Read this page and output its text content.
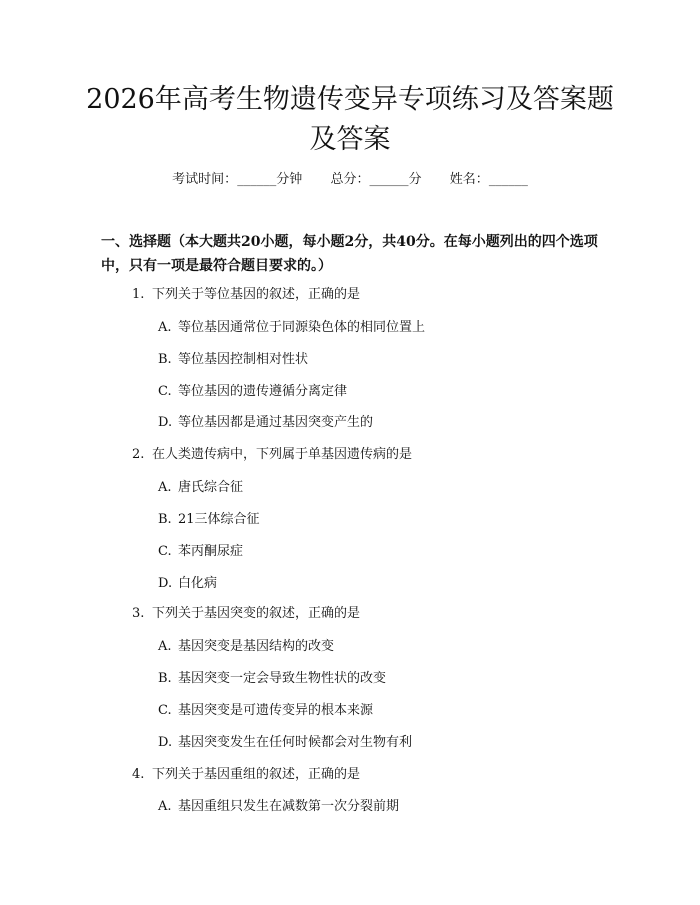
2026年高考生物遗传变异专项练习及答案题
及答案
考试时间：______分钟 总分：______分 姓名：______
一、选择题（本大题共20小题，每小题2分，共40分。在每小题列出的四个选项中，只有一项是最符合题目要求的。）
1. 下列关于等位基因的叙述，正确的是
A. 等位基因通常位于同源染色体的相同位置上
B. 等位基因控制相对性状
C. 等位基因的遗传遵循分离定律
D. 等位基因都是通过基因突变产生的
2. 在人类遗传病中，下列属于单基因遗传病的是
A. 唐氏综合征
B. 21三体综合征
C. 苯丙酮尿症
D. 白化病
3. 下列关于基因突变的叙述，正确的是
A. 基因突变是基因结构的改变
B. 基因突变一定会导致生物性状的改变
C. 基因突变是可遗传变异的根本来源
D. 基因突变发生在任何时候都会对生物有利
4. 下列关于基因重组的叙述，正确的是
A. 基因重组只发生在减数第一次分裂前期
